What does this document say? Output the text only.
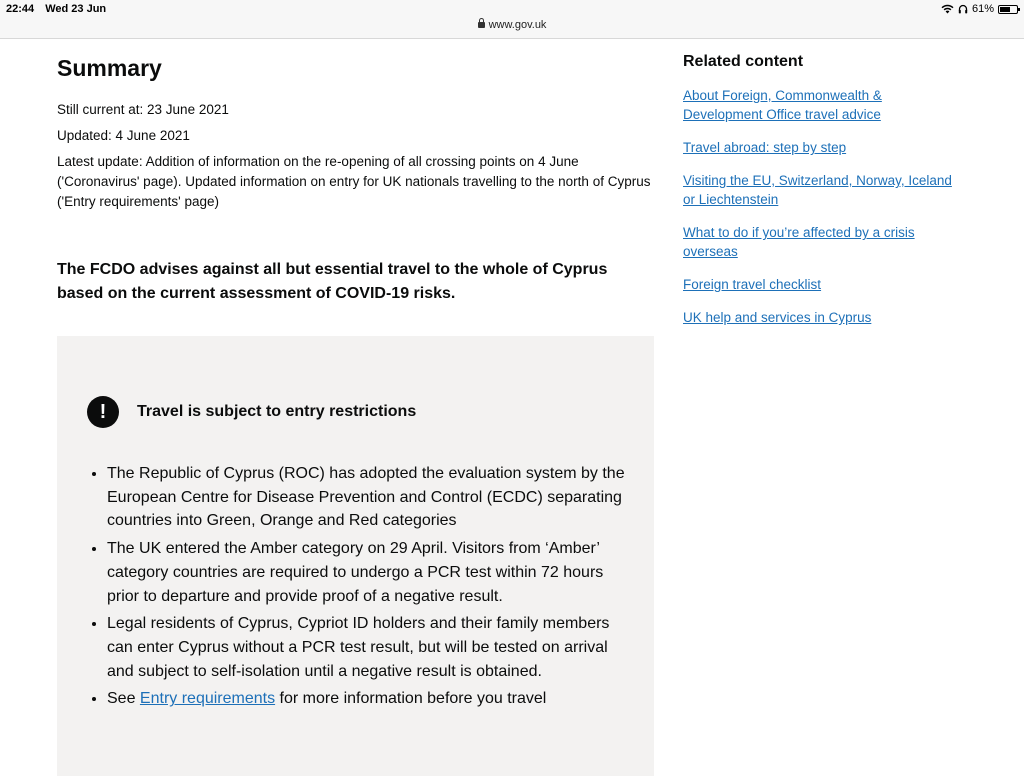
22:44 Wed 23 Jun
www.gov.uk
61%
Summary

Still current at: 23 June 2021

Updated: 4 June 2021

Latest update: Addition of information on the re-opening of all crossing points on 4 June ('Coronavirus' page). Updated information on entry for UK nationals travelling to the north of Cyprus ('Entry requirements' page)

The FCDO advises against all but essential travel to the whole of Cyprus based on the current assessment of COVID-19 risks.
!	Travel is subject to entry restrictions
• The Republic of Cyprus (ROC) has adopted the evaluation system by the European Centre for Disease Prevention and Control (ECDC) separating countries into Green, Orange and Red categories
• The UK entered the Amber category on 29 April. Visitors from ‘Amber’ category countries are required to undergo a PCR test within 72 hours prior to departure and provide proof of a negative result.
• Legal residents of Cyprus, Cypriot ID holders and their family members can enter Cyprus without a PCR test result, but will be tested on arrival and subject to self-isolation until a negative result is obtained.
• See Entry requirements for more information before you travel
Related content
About Foreign, Commonwealth & Development Office travel advice
Travel abroad: step by step
Visiting the EU, Switzerland, Norway, Iceland or Liechtenstein
What to do if you’re affected by a crisis overseas
Foreign travel checklist
UK help and services in Cyprus
